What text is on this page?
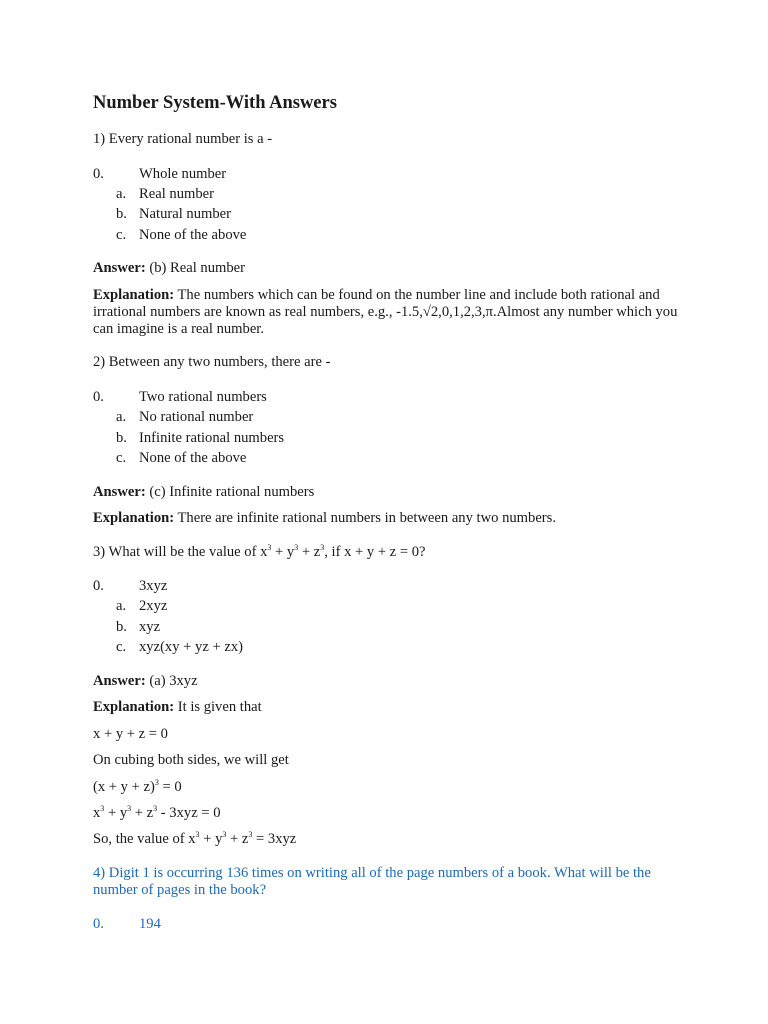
Number System-With Answers
1) Every rational number is a -
0. Whole number
a. Real number
b. Natural number
c. None of the above
Answer: (b) Real number
Explanation: The numbers which can be found on the number line and include both rational and irrational numbers are known as real numbers, e.g., -1.5,√2,0,1,2,3,π.Almost any number which you can imagine is a real number.
2) Between any two numbers, there are -
0. Two rational numbers
a. No rational number
b. Infinite rational numbers
c. None of the above
Answer: (c) Infinite rational numbers
Explanation: There are infinite rational numbers in between any two numbers.
3) What will be the value of $x^3 + y^3 + z^3$, if x + y + z = 0?
0. 3xyz
a. 2xyz
b. xyz
c. xyz(xy + yz + zx)
Answer: (a) 3xyz
Explanation: It is given that
x + y + z = 0
On cubing both sides, we will get
$(x + y + z)^3 = 0$
$x^3 + y^3 + z^3 - 3xyz = 0$
So, the value of $x^3 + y^3 + z^3 = 3xyz$
4) Digit 1 is occurring 136 times on writing all of the page numbers of a book. What will be the number of pages in the book?
0. 194
